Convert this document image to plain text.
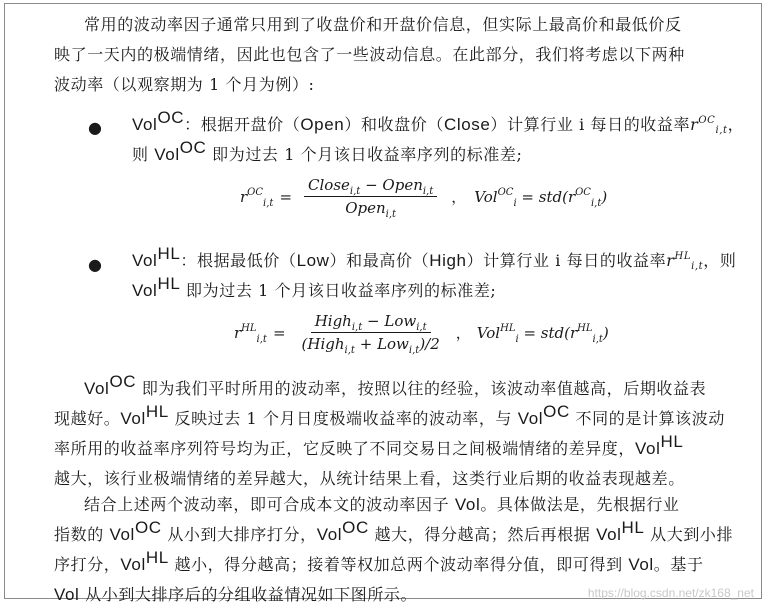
常用的波动率因子通常只用到了收盘价和开盘价信息，但实际上最高价和最低价反
映了一天内的极端情绪，因此也包含了一些波动信息。在此部分，我们将考虑以下两种
波动率（以观察期为 1 个月为例）:
● Vol$^{OC}$：根据开盘价（Open）和收盘价（Close）计算行业 i 每日的收益率$r^{OC}_{i,t}$，
则 Vol$^{OC}$ 即为过去 1 个月该日收益率序列的标准差;
$r^{OC}_{i,t} = \frac{Close_{i,t} - Open_{i,t}}{Open_{i,t}}$ ， $Vol^{OC}_i = std(r^{OC}_{i,t})$
● Vol$^{HL}$：根据最低价（Low）和最高价（High）计算行业 i 每日的收益率$r^{HL}_{i,t}$，则
Vol$^{HL}$ 即为过去 1 个月该日收益率序列的标准差;
$r^{HL}_{i,t} = \frac{High_{i,t} - Low_{i,t}}{(High_{i,t} + Low_{i,t})/2}$ ， $Vol^{HL}_i = std(r^{HL}_{i,t})$
Vol$^{OC}$ 即为我们平时所用的波动率，按照以往的经验，该波动率值越高，后期收益表
现越好。Vol$^{HL}$ 反映过去 1 个月日度极端收益率的波动率，与 Vol$^{OC}$ 不同的是计算该波动
率所用的收益率序列符号均为正，它反映了不同交易日之间极端情绪的差异度，Vol$^{HL}$
越大，该行业极端情绪的差异越大，从统计结果上看，这类行业后期的收益表现越差。
结合上述两个波动率，即可合成本文的波动率因子 Vol。具体做法是，先根据行业
指数的 Vol$^{OC}$ 从小到大排序打分，Vol$^{OC}$ 越大，得分越高；然后再根据 Vol$^{HL}$ 从大到小排
序打分，Vol$^{HL}$ 越小，得分越高；接着等权加总两个波动率得分值，即可得到 Vol。基于
Vol 从小到大排序后的分组收益情况如下图所示。	https://blog.csdn.net/zk168_net
